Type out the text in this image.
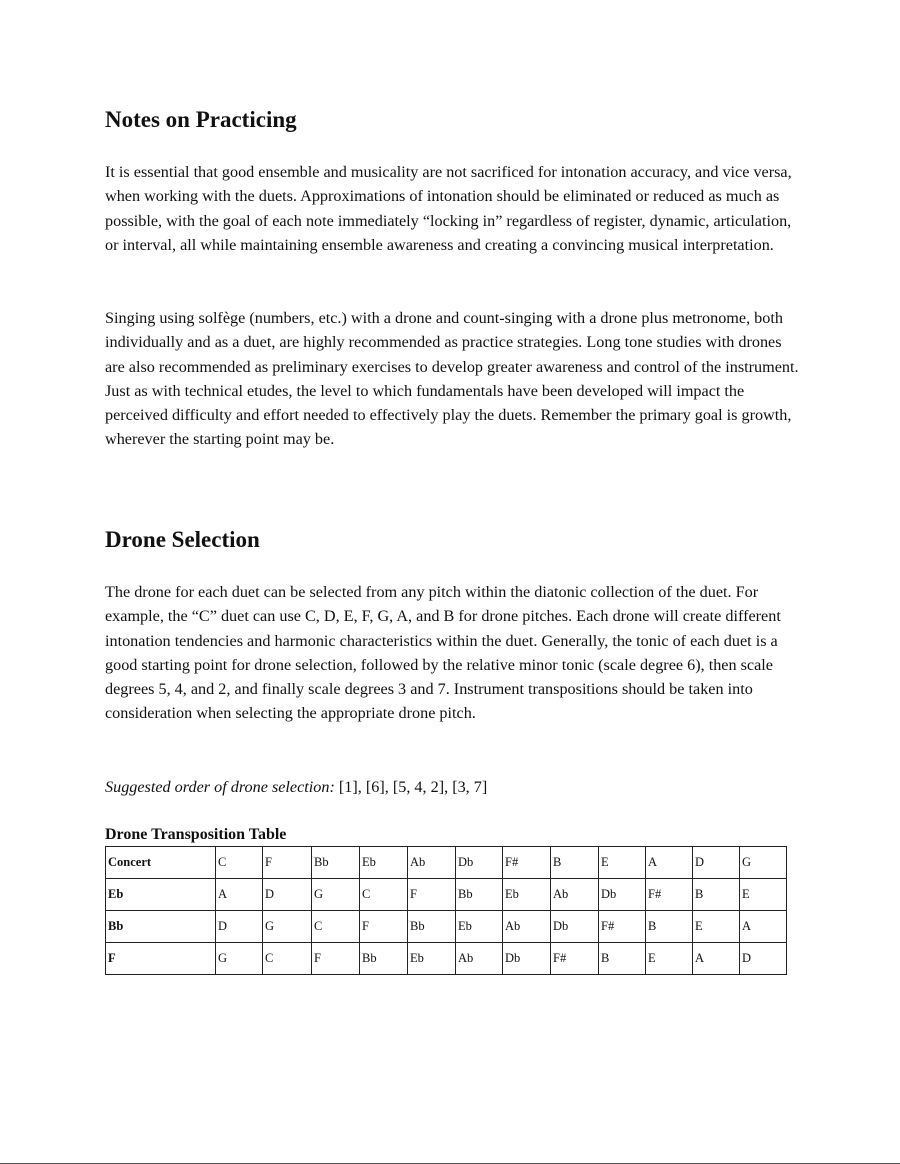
Notes on Practicing

It is essential that good ensemble and musicality are not sacrificed for intonation accuracy, and vice versa, when working with the duets. Approximations of intonation should be eliminated or reduced as much as possible, with the goal of each note immediately “locking in” regardless of register, dynamic, articulation, or interval, all while maintaining ensemble awareness and creating a convincing musical interpretation.

Singing using solfège (numbers, etc.) with a drone and count-singing with a drone plus metronome, both individually and as a duet, are highly recommended as practice strategies. Long tone studies with drones are also recommended as preliminary exercises to develop greater awareness and control of the instrument. Just as with technical etudes, the level to which fundamentals have been developed will impact the perceived difficulty and effort needed to effectively play the duets. Remember the primary goal is growth, wherever the starting point may be.

Drone Selection

The drone for each duet can be selected from any pitch within the diatonic collection of the duet. For example, the “C” duet can use C, D, E, F, G, A, and B for drone pitches. Each drone will create different intonation tendencies and harmonic characteristics within the duet. Generally, the tonic of each duet is a good starting point for drone selection, followed by the relative minor tonic (scale degree 6), then scale degrees 5, 4, and 2, and finally scale degrees 3 and 7. Instrument transpositions should be taken into consideration when selecting the appropriate drone pitch.

Suggested order of drone selection: [1], [6], [5, 4, 2], [3, 7]

Drone Transposition Table

Concert	C	F	Bb	Eb	Ab	Db	F#	B	E	A	D	G
Eb	A	D	G	C	F	Bb	Eb	Ab	Db	F#	B	E
Bb	D	G	C	F	Bb	Eb	Ab	Db	F#	B	E	A
F	G	C	F	Bb	Eb	Ab	Db	F#	B	E	A	D
